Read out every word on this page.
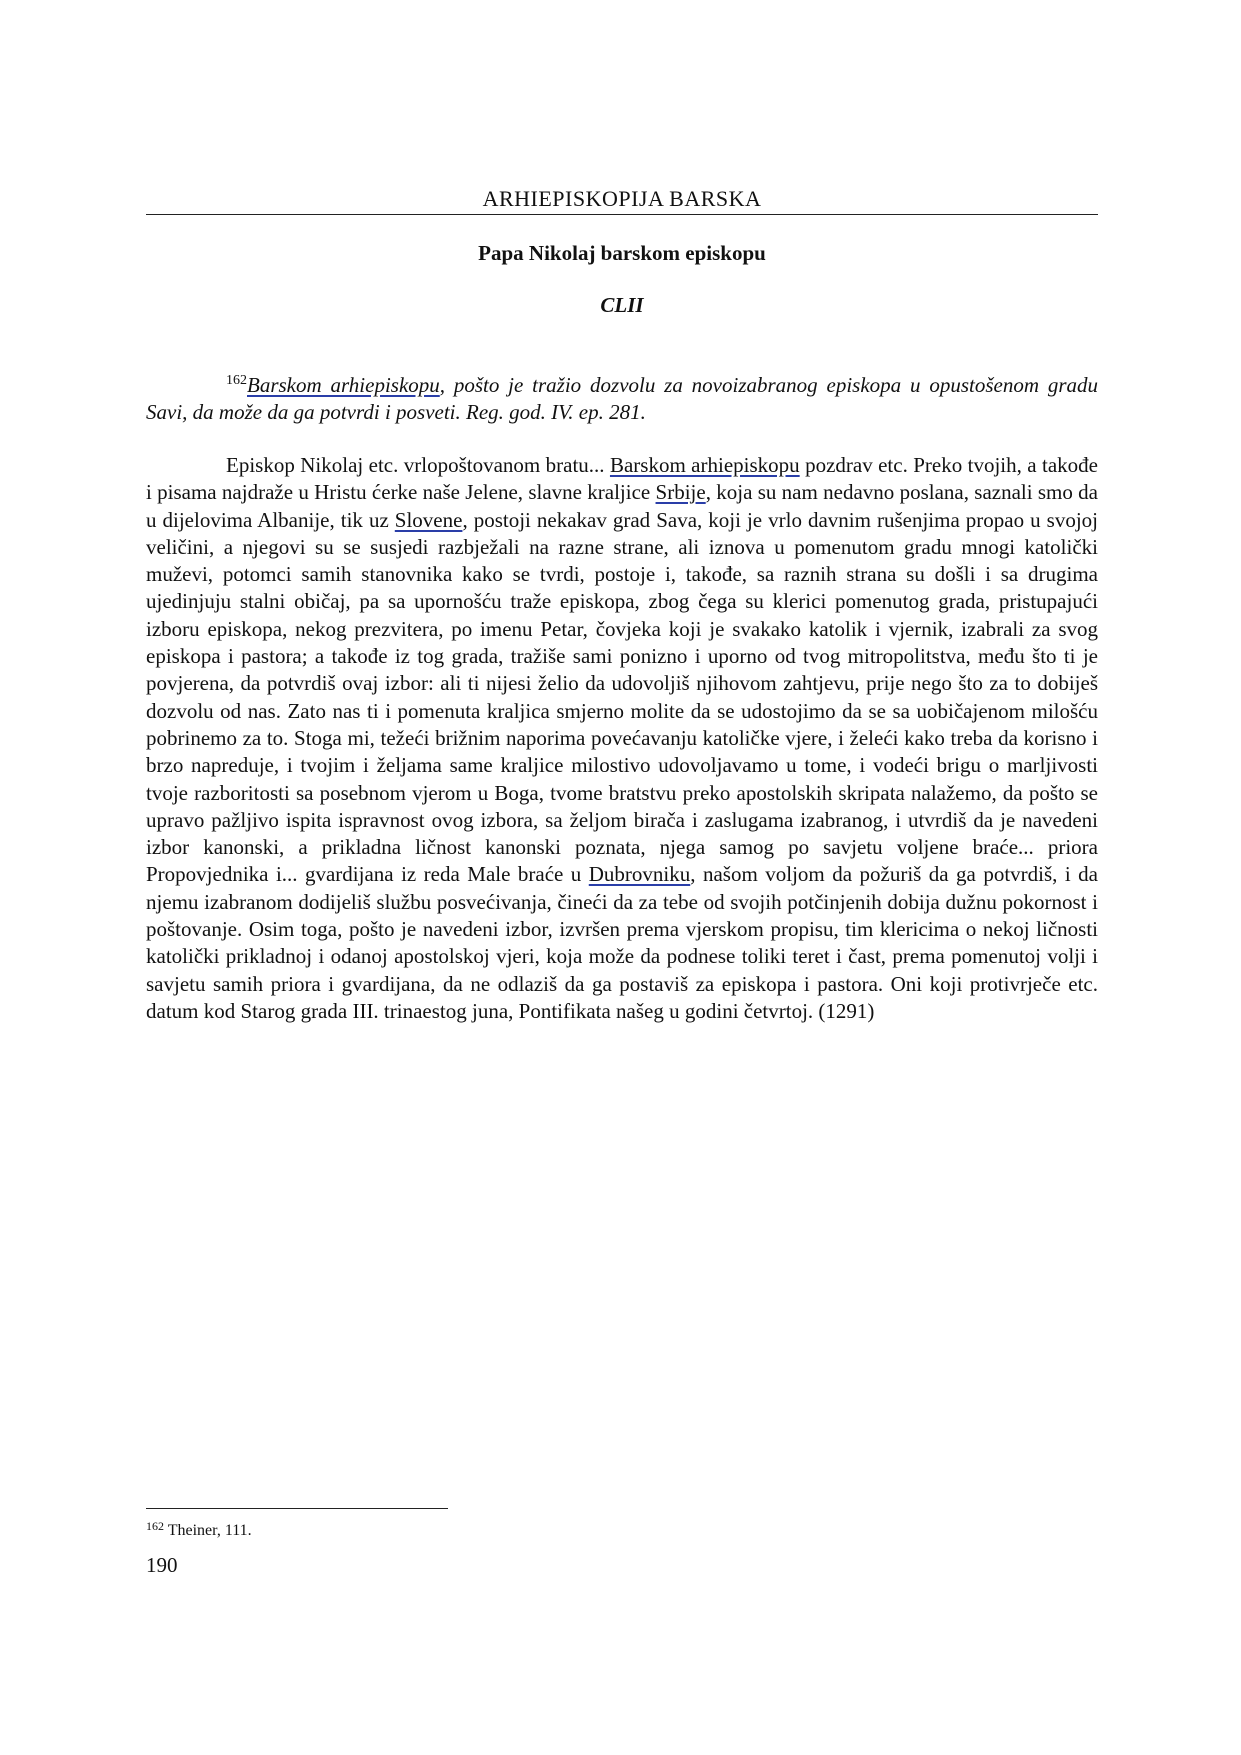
ARHIEPISKOPIJA BARSKA
Papa Nikolaj barskom episkopu
CLII

$^{162}$Barskom arhiepiskopu, pošto je tražio dozvolu za novoizabranog episkopa u opustošenom gradu Savi, da može da ga potvrdi i posveti. Reg. god. IV. ep. 281.

Episkop Nikolaj etc. vrlopoštovanom bratu... Barskom arhiepiskopu pozdrav etc. Preko tvojih, a takođe i pisama najdraže u Hristu ćerke naše Jelene, slavne kraljice Srbije, koja su nam nedavno poslana, saznali smo da u dijelovima Albanije, tik uz Slovene, postoji nekakav grad Sava, koji je vrlo davnim rušenjima propao u svojoj veličini, a njegovi su se susjedi razbježali na razne strane, ali iznova u pomenutom gradu mnogi katolički muževi, potomci samih stanovnika kako se tvrdi, postoje i, takođe, sa raznih strana su došli i sa drugima ujedinjuju stalni običaj, pa sa upornošću traže episkopa, zbog čega su klerici pomenutog grada, pristupajući izboru episkopa, nekog prezvitera, po imenu Petar, čovjeka koji je svakako katolik i vjernik, izabrali za svog episkopa i pastora; a takođe iz tog grada, tražiše sami ponizno i uporno od tvog mitropolitstva, među što ti je povjerena, da potvrdiš ovaj izbor: ali ti nijesi želio da udovoljiš njihovom zahtjevu, prije nego što za to dobiješ dozvolu od nas. Zato nas ti i pomenuta kraljica smjerno molite da se udostojimo da se sa uobičajenom milošću pobrinemo za to. Stoga mi, težeći brižnim naporima povećavanju katoličke vjere, i želeći kako treba da korisno i brzo napreduje, i tvojim i željama same kraljice milostivo udovoljavamo u tome, i vodeći brigu o marljivosti tvoje razboritosti sa posebnom vjerom u Boga, tvome bratstvu preko apostolskih skripata nalažemo, da pošto se upravo pažljivo ispita ispravnost ovog izbora, sa željom birača i zaslugama izabranog, i utvrdiš da je navedeni izbor kanonski, a prikladna ličnost kanonski poznata, njega samog po savjetu voljene braće... priora Propovjednika i... gvardijana iz reda Male braće u Dubrovniku, našom voljom da požuriš da ga potvrdiš, i da njemu izabranom dodijeliš službu posvećivanja, čineći da za tebe od svojih potčinjenih dobija dužnu pokornost i poštovanje. Osim toga, pošto je navedeni izbor, izvršen prema vjerskom propisu, tim klericima o nekoj ličnosti katolički prikladnoj i odanoj apostolskoj vjeri, koja može da podnese toliki teret i čast, prema pomenutoj volji i savjetu samih priora i gvardijana, da ne odlaziš da ga postaviš za episkopa i pastora. Oni koji protivrječe etc. datum kod Starog grada III. trinaestog juna, Pontifikata našeg u godini četvrtoj. (1291)

$^{162}$ Theiner, 111.
190
